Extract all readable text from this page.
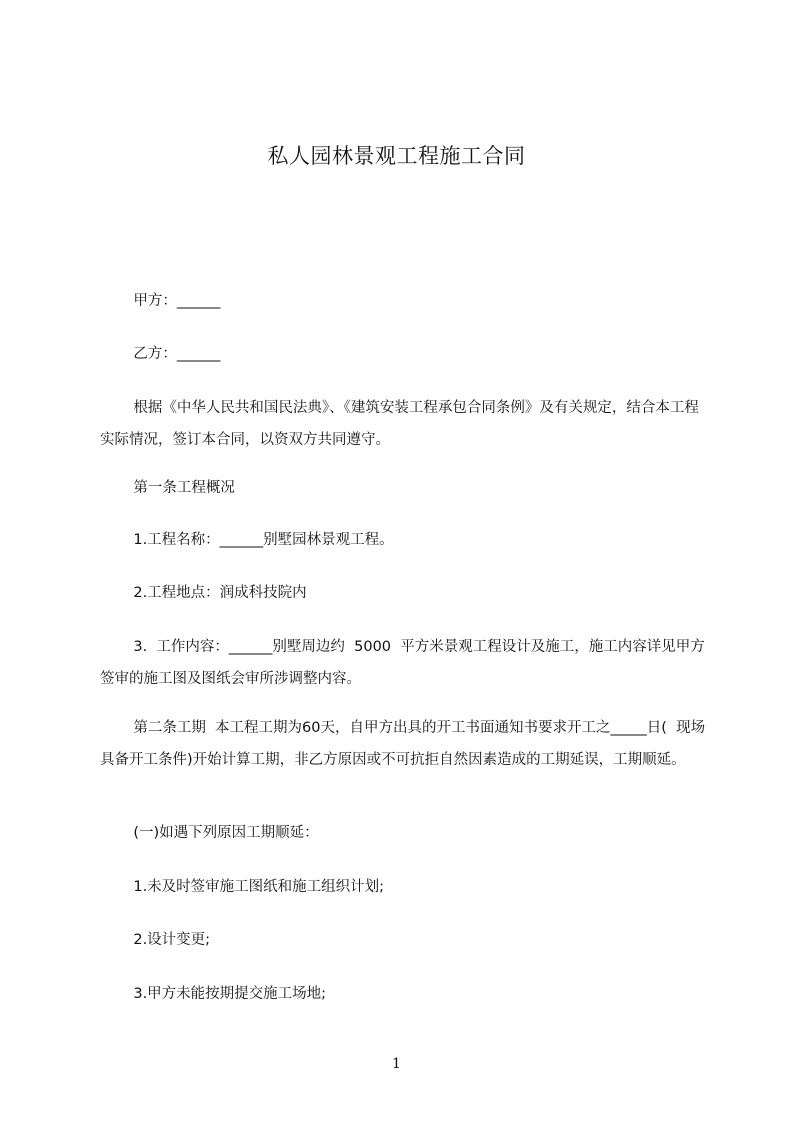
私人园林景观工程施工合同
甲方：______
乙方：______
根据《中华人民共和国民法典》、《建筑安装工程承包合同条例》及有关规定，结合本工程实际情况，签订本合同，以资双方共同遵守。
第一条工程概况
1.工程名称：______别墅园林景观工程。
2.工程地点：润成科技院内
3.  工作内容：______别墅周边约  5000  平方米景观工程设计及施工，施工内容详见甲方签审的施工图及图纸会审所涉调整内容。
第二条工期  本工程工期为60天，自甲方出具的开工书面通知书要求开工之_____日(  现场具备开工条件)开始计算工期，非乙方原因或不可抗拒自然因素造成的工期延误，工期顺延。
(一)如遇下列原因工期顺延：
1.未及时签审施工图纸和施工组织计划;
2.设计变更;
3.甲方未能按期提交施工场地;
1
